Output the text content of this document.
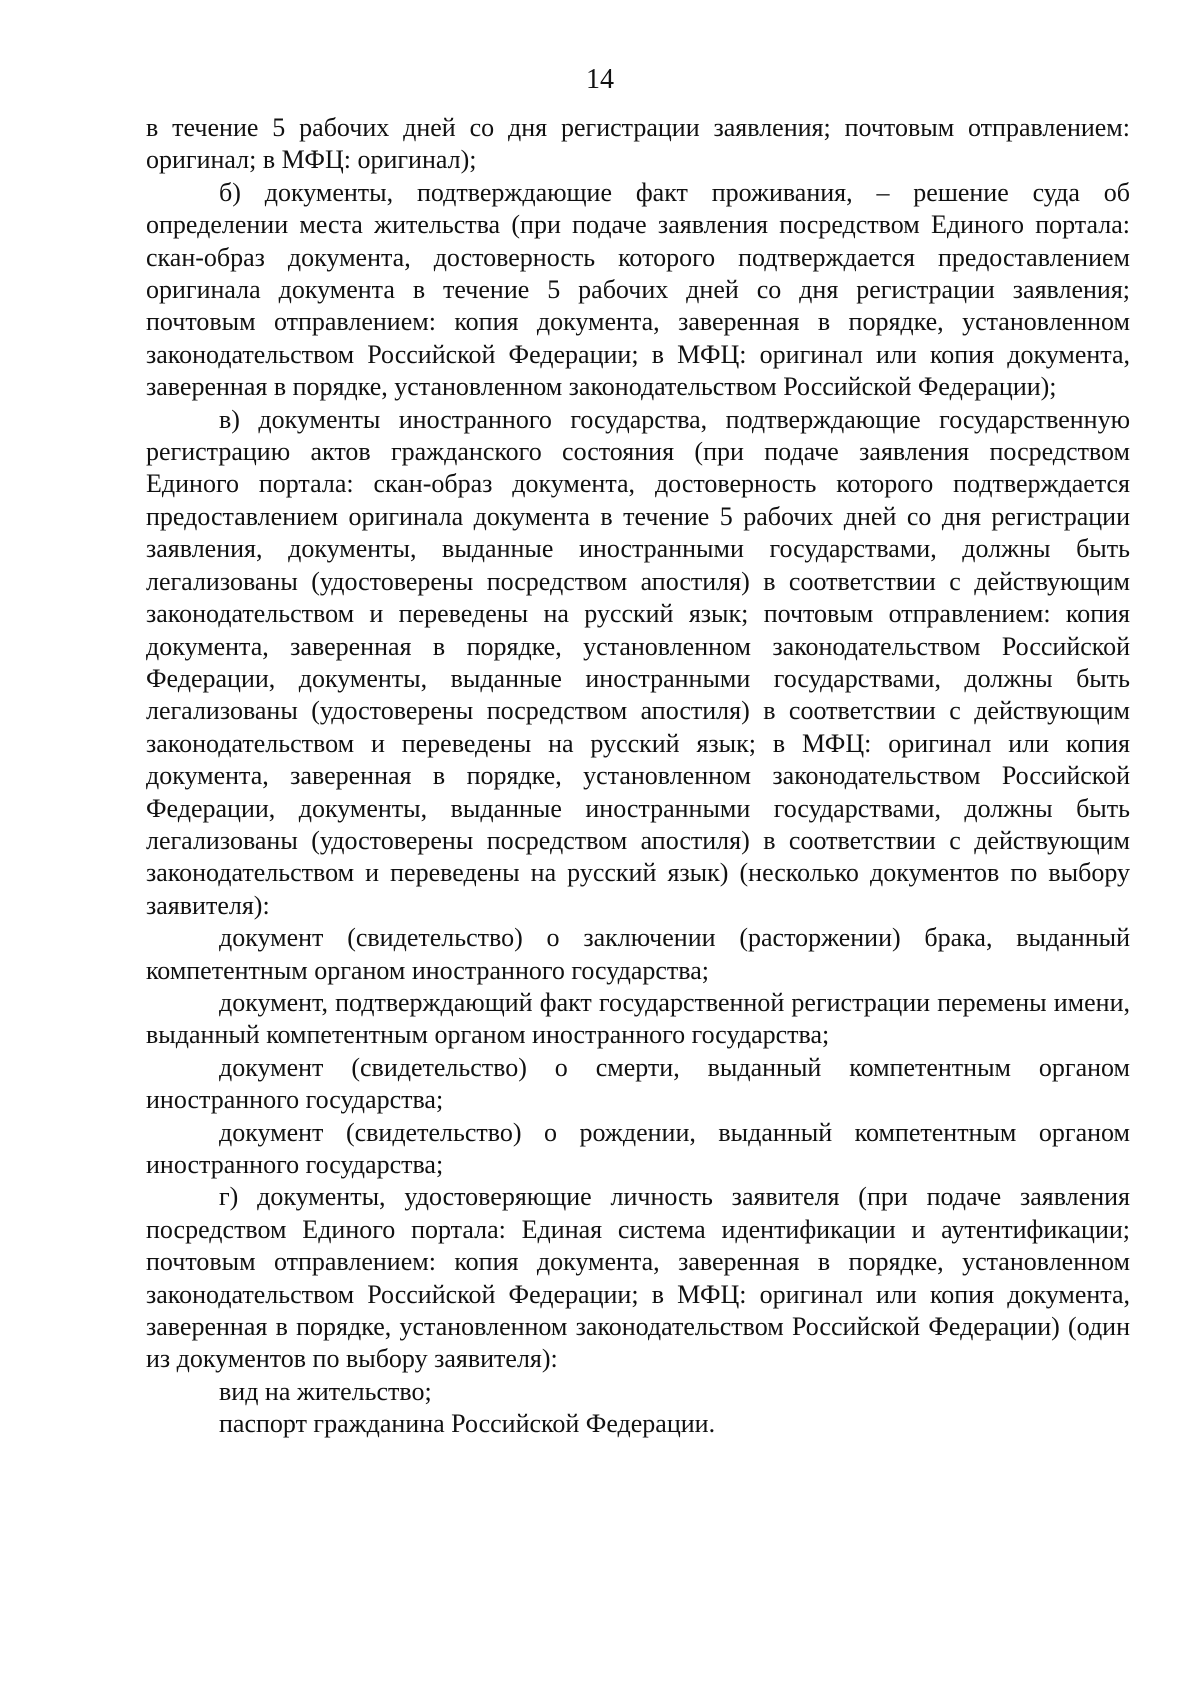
14

в течение 5 рабочих дней со дня регистрации заявления; почтовым отправлением: оригинал; в МФЦ: оригинал);

б) документы, подтверждающие факт проживания, – решение суда об определении места жительства (при подаче заявления посредством Единого портала: скан-образ документа, достоверность которого подтверждается предоставлением оригинала документа в течение 5 рабочих дней со дня регистрации заявления; почтовым отправлением: копия документа, заверенная в порядке, установленном законодательством Российской Федерации; в МФЦ: оригинал или копия документа, заверенная в порядке, установленном законодательством Российской Федерации);

в) документы иностранного государства, подтверждающие государственную регистрацию актов гражданского состояния (при подаче заявления посредством Единого портала: скан-образ документа, достоверность которого подтверждается предоставлением оригинала документа в течение 5 рабочих дней со дня регистрации заявления, документы, выданные иностранными государствами, должны быть легализованы (удостоверены посредством апостиля) в соответствии с действующим законодательством и переведены на русский язык; почтовым отправлением: копия документа, заверенная в порядке, установленном законодательством Российской Федерации, документы, выданные иностранными государствами, должны быть легализованы (удостоверены посредством апостиля) в соответствии с действующим законодательством и переведены на русский язык; в МФЦ: оригинал или копия документа, заверенная в порядке, установленном законодательством Российской Федерации, документы, выданные иностранными государствами, должны быть легализованы (удостоверены посредством апостиля) в соответствии с действующим законодательством и переведены на русский язык) (несколько документов по выбору заявителя):

документ (свидетельство) о заключении (расторжении) брака, выданный компетентным органом иностранного государства;

документ, подтверждающий факт государственной регистрации перемены имени, выданный компетентным органом иностранного государства;

документ (свидетельство) о смерти, выданный компетентным органом иностранного государства;

документ (свидетельство) о рождении, выданный компетентным органом иностранного государства;

г) документы, удостоверяющие личность заявителя (при подаче заявления посредством Единого портала: Единая система идентификации и аутентификации; почтовым отправлением: копия документа, заверенная в порядке, установленном законодательством Российской Федерации; в МФЦ: оригинал или копия документа, заверенная в порядке, установленном законодательством Российской Федерации) (один из документов по выбору заявителя):

вид на жительство;

паспорт гражданина Российской Федерации.
